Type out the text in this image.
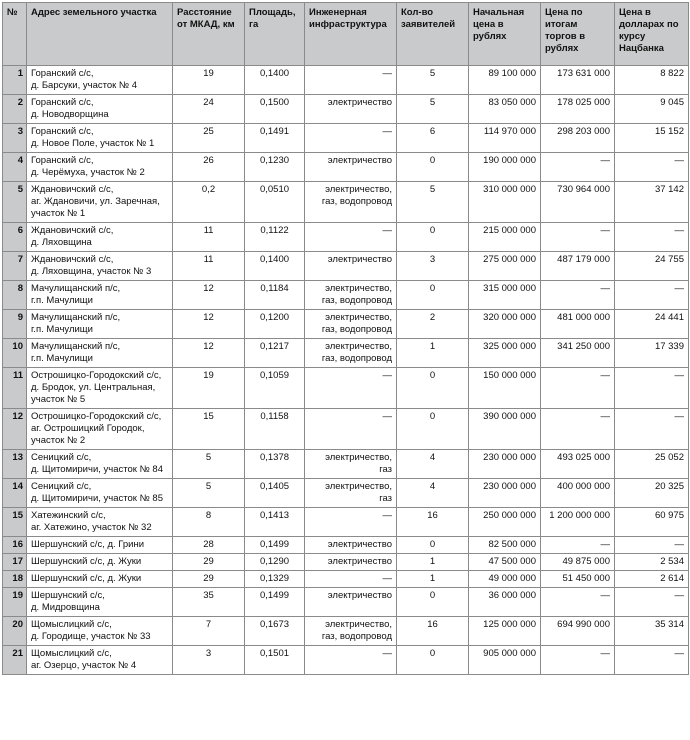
№	Адрес земельного участка	Расстояние от МКАД, км	Площадь, га	Инженерная инфраструктура	Кол-во заявителей	Начальная цена в рублях	Цена по итогам торгов в рублях	Цена в долларах по курсу Нацбанка
1	Горанский с/с,
д. Барсуки, участок № 4	19	0,1400	—	5	89 100 000	173 631 000	8 822
2	Горанский с/с,
д. Новодворщина	24	0,1500	электричество	5	83 050 000	178 025 000	9 045
3	Горанский с/с,
д. Новое Поле, участок № 1	25	0,1491	—	6	114 970 000	298 203 000	15 152
4	Горанский с/с,
д. Черёмуха, участок № 2	26	0,1230	электричество	0	190 000 000	—	—
5	Ждановичский с/с,
аг. Ждановичи, ул. Заречная,
участок № 1	0,2	0,0510	электричество,
газ, водопровод	5	310 000 000	730 964 000	37 142
6	Ждановичский с/с,
д. Ляховщина	11	0,1122	—	0	215 000 000	—	—
7	Ждановичский с/с,
д. Ляховщина, участок № 3	11	0,1400	электричество	3	275 000 000	487 179 000	24 755
8	Мачулищанский п/с,
г.п. Мачулищи	12	0,1184	электричество,
газ, водопровод	0	315 000 000	—	—
9	Мачулищанский п/с,
г.п. Мачулищи	12	0,1200	электричество,
газ, водопровод	2	320 000 000	481 000 000	24 441
10	Мачулищанский п/с,
г.п. Мачулищи	12	0,1217	электричество,
газ, водопровод	1	325 000 000	341 250 000	17 339
11	Острошицко-Городокский с/с,
д. Бродок, ул. Центральная,
участок № 5	19	0,1059	—	0	150 000 000	—	—
12	Острошицко-Городокский с/с,
аг. Острошицкий Городок,
участок № 2	15	0,1158	—	0	390 000 000	—	—
13	Сеницкий с/с,
д. Щитомиричи, участок № 84	5	0,1378	электричество,
газ	4	230 000 000	493 025 000	25 052
14	Сеницкий с/с,
д. Щитомиричи, участок № 85	5	0,1405	электричество,
газ	4	230 000 000	400 000 000	20 325
15	Хатежинский с/с,
аг. Хатежино, участок № 32	8	0,1413	—	16	250 000 000	1 200 000 000	60 975
16	Шершунский с/с, д. Грини	28	0,1499	электричество	0	82 500 000	—	—
17	Шершунский с/с, д. Жуки	29	0,1290	электричество	1	47 500 000	49 875 000	2 534
18	Шершунский с/с, д. Жуки	29	0,1329	—	1	49 000 000	51 450 000	2 614
19	Шершунский с/с,
д. Мидровщина	35	0,1499	электричество	0	36 000 000	—	—
20	Щомыслицкий с/с,
д. Городище, участок № 33	7	0,1673	электричество,
газ, водопровод	16	125 000 000	694 990 000	35 314
21	Щомыслицкий с/с,
аг. Озерцо, участок № 4	3	0,1501	—	0	905 000 000	—	—
